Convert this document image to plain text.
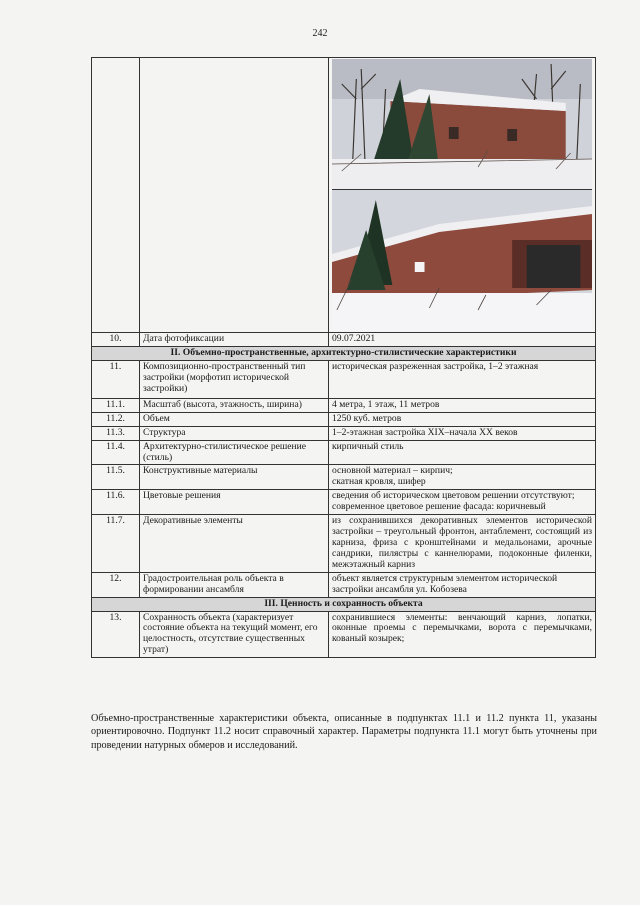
242

10.	Дата фотофиксации	09.07.2021
II. Объемно-пространственные, архитектурно-стилистические характеристики		
11.	Композиционно-пространственный тип застройки (морфотип исторической застройки)	историческая разреженная застройка, 1–2 этажная
11.1.	Масштаб (высота, этажность, ширина)	4 метра, 1 этаж, 11 метров
11.2.	Объем	1250 куб. метров
11.3.	Структура	1–2-этажная застройка XIX–начала XX веков
11.4.	Архитектурно-стилистическое решение (стиль)	кирпичный стиль
11.5.	Конструктивные материалы	основной материал – кирпич;
скатная кровля, шифер

11.6.	Цветовые решения	сведения об историческом цветовом решении отсутствуют;
современное цветовое решение фасада: коричневый

11.7.	Декоративные элементы	из сохранившихся декоративных элементов исторической застройки – треугольный фронтон, антаблемент, состоящий из карниза, фриза с кронштейнами и медальонами, арочные сандрики, пилястры с каннелюрами, подоконные филенки, межэтажный карниз
12.	Градостроительная роль объекта в формировании ансамбля	объект является структурным элементом исторической застройки ансамбля ул. Кобозева
III. Ценность и сохранность объекта		
13.	Сохранность объекта (характеризует состояние объекта на текущий момент, его целостность, отсутствие существенных утрат)	сохранившиеся элементы: венчающий карниз, лопатки, оконные проемы с перемычками, ворота с перемычками, кованый козырек;
Объемно-пространственные характеристики объекта, описанные в подпунктах 11.1 и 11.2 пункта 11, указаны ориентировочно. Подпункт 11.2 носит справочный характер. Параметры подпункта 11.1 могут быть уточнены при проведении натурных обмеров и исследований.
